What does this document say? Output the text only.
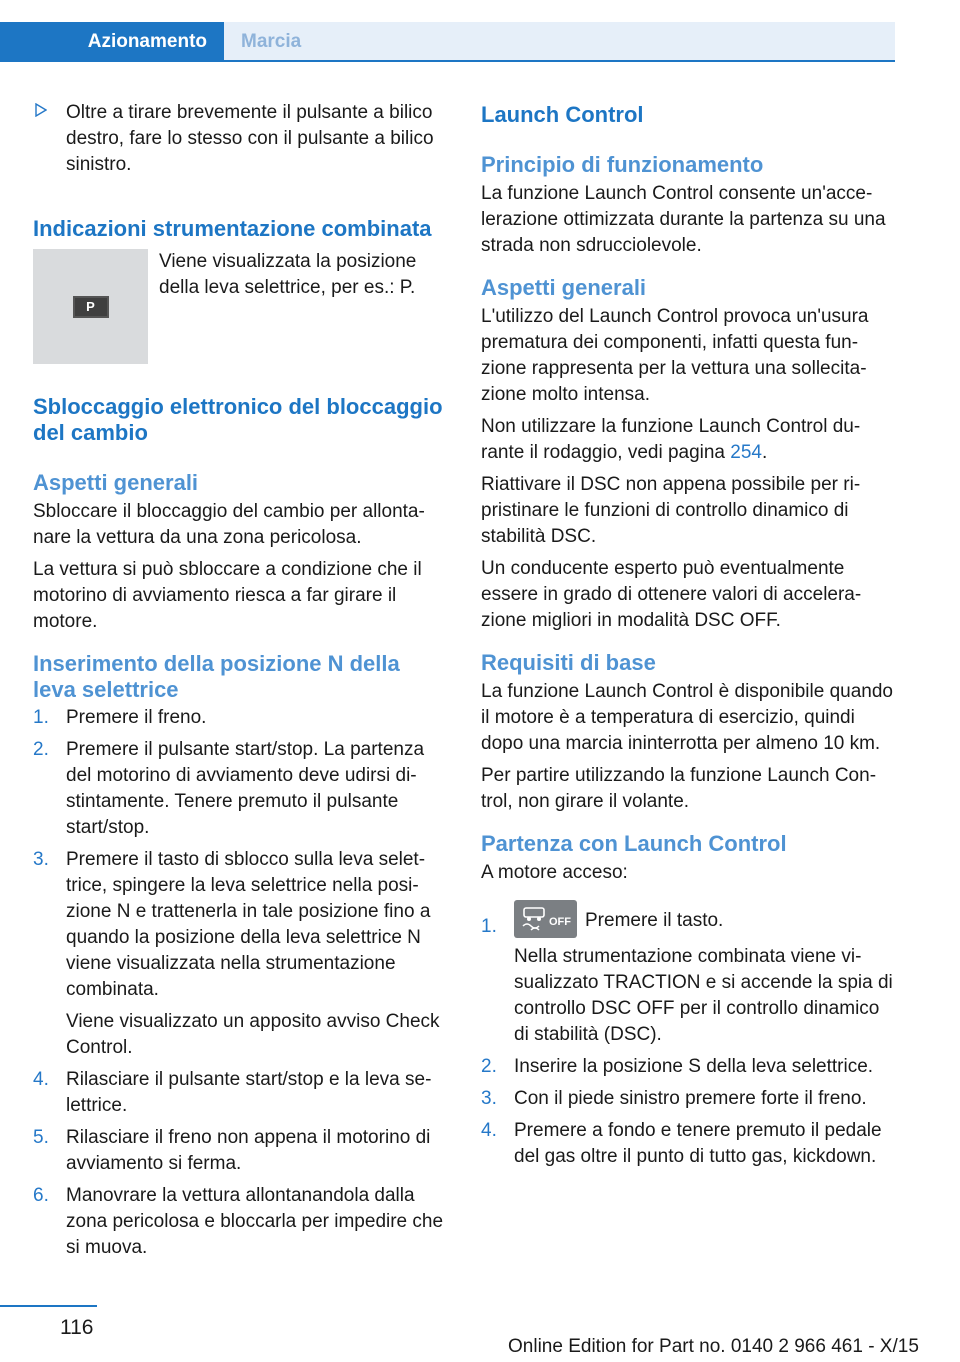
Azionamento	Marcia
Oltre a tirare brevemente il pulsante a bilico destro, fare lo stesso con il pulsante a bilico sinistro.
Indicazioni strumentazione combinata
P

Viene visualizzata la posizione della leva selettrice, per es.: P.

Sbloccaggio elettronico del bloccaggio del cambio
Aspetti generali

Sbloccare il bloccaggio del cambio per allontanare la vettura da una zona pericolosa.

La vettura si può sbloccare a condizione che il motorino di avviamento riesca a far girare il motore.

Inserimento della posizione N della leva selettrice
1. Premere il freno.
2. Premere il pulsante start/stop. La partenza del motorino di avviamento deve udirsi distintamente. Tenere premuto il pulsante start/stop.
3. Premere il tasto di sblocco sulla leva selettrice, spingere la leva selettrice nella posizione N e trattenerla in tale posizione fino a quando la posizione della leva selettrice N viene visualizzata nella strumentazione combinata.
Viene visualizzato un apposito avviso Check Control.
4. Rilasciare il pulsante start/stop e la leva selettrice.
5. Rilasciare il freno non appena il motorino di avviamento si ferma.
6. Manovrare la vettura allontanandola dalla zona pericolosa e bloccarla per impedire che si muova.
Launch Control
Principio di funzionamento

La funzione Launch Control consente un'accelerazione ottimizzata durante la partenza su una strada non sdrucciolevole.

Aspetti generali

L'utilizzo del Launch Control provoca un'usura prematura dei componenti, infatti questa funzione rappresenta per la vettura una sollecitazione molto intensa.

Non utilizzare la funzione Launch Control durante il rodaggio, vedi pagina 254.

Riattivare il DSC non appena possibile per ripristinare le funzioni di controllo dinamico di stabilità DSC.

Un conducente esperto può eventualmente essere in grado di ottenere valori di accelerazione migliori in modalità DSC OFF.

Requisiti di base

La funzione Launch Control è disponibile quando il motore è a temperatura di esercizio, quindi dopo una marcia ininterrotta per almeno 10 km.

Per partire utilizzando la funzione Launch Control, non girare il volante.

Partenza con Launch Control

A motore acceso:

1.	OFF Premere il tasto.
Nella strumentazione combinata viene visualizzato TRACTION e si accende la spia di controllo DSC OFF per il controllo dinamico di stabilità (DSC).
2. Inserire la posizione S della leva selettrice.
3. Con il piede sinistro premere forte il freno.
4. Premere a fondo e tenere premuto il pedale del gas oltre il punto di tutto gas, kickdown.
116
Online Edition for Part no. 0140 2 966 461 - X/15
